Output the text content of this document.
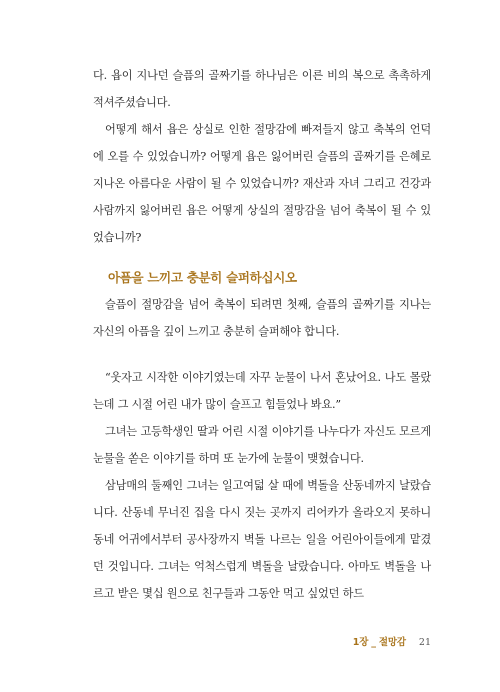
다. 욥이 지나던 슬픔의 골짜기를 하나님은 이른 비의 복으로 촉촉하게 적셔주셨습니다.

어떻게 해서 욥은 상실로 인한 절망감에 빠져들지 않고 축복의 언덕에 오를 수 있었습니까? 어떻게 욥은 잃어버린 슬픔의 골짜기를 은혜로 지나온 아름다운 사람이 될 수 있었습니까? 재산과 자녀 그리고 건강과 사람까지 잃어버린 욥은 어떻게 상실의 절망감을 넘어 축복이 될 수 있었습니까?

아픔을 느끼고 충분히 슬퍼하십시오

슬픔이 절망감을 넘어 축복이 되려면 첫째, 슬픔의 골짜기를 지나는 자신의 아픔을 깊이 느끼고 충분히 슬퍼해야 합니다.

“웃자고 시작한 이야기였는데 자꾸 눈물이 나서 혼났어요. 나도 몰랐는데 그 시절 어린 내가 많이 슬프고 힘들었나 봐요.”

그녀는 고등학생인 딸과 어린 시절 이야기를 나누다가 자신도 모르게 눈물을 쏟은 이야기를 하며 또 눈가에 눈물이 맺혔습니다.

삼남매의 둘째인 그녀는 일고여덟 살 때에 벽돌을 산동네까지 날랐습니다. 산동네 무너진 집을 다시 짓는 곳까지 리어카가 올라오지 못하니 동네 어귀에서부터 공사장까지 벽돌 나르는 일을 어린아이들에게 맡겼던 것입니다. 그녀는 억척스럽게 벽돌을 날랐습니다. 아마도 벽돌을 나르고 받은 몇십 원으로 친구들과 그동안 먹고 싶었던 하드

1장 _ 절망감 21
